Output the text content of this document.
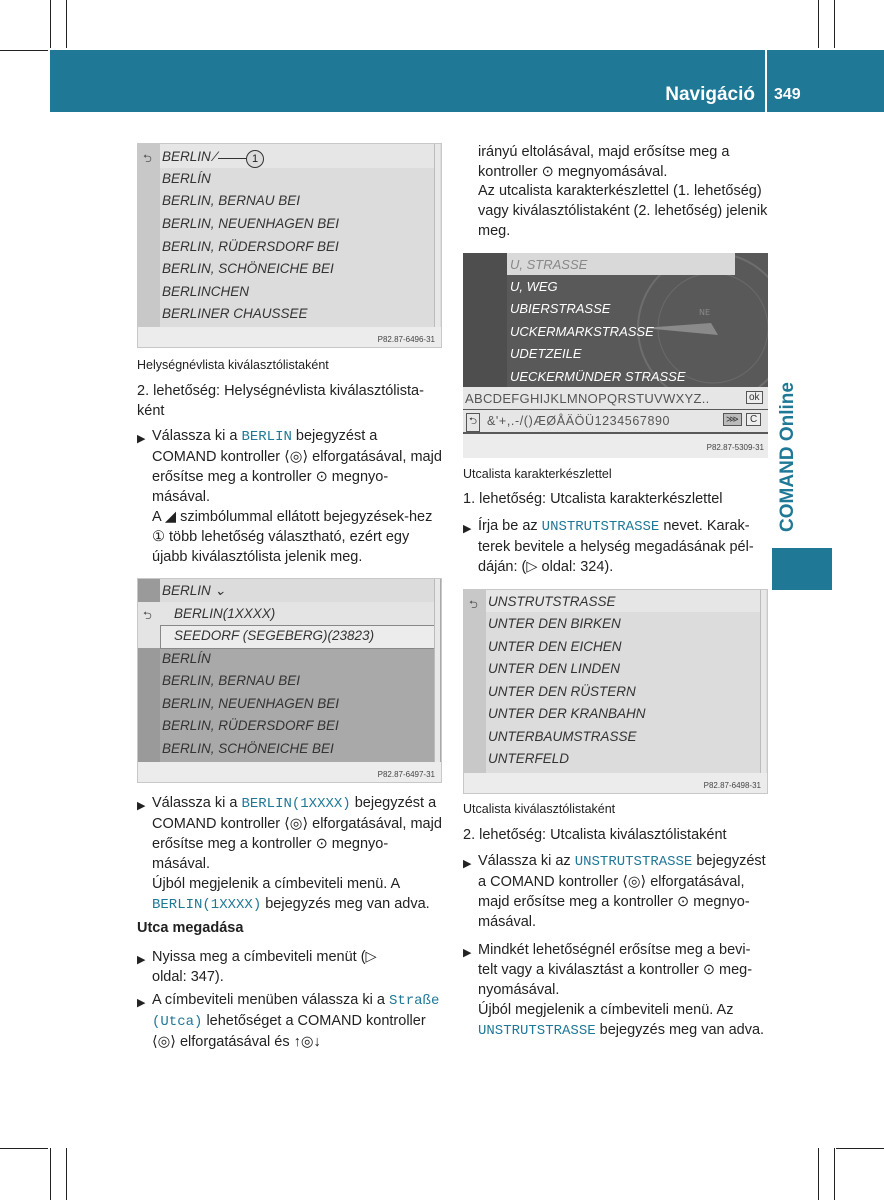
Navigáció 349
COMAND Online
⮌ BERLIN ⁄	1
BERLÍN
BERLIN, BERNAU BEI
BERLIN, NEUENHAGEN BEI
BERLIN, RÜDERSDORF BEI
BERLIN, SCHÖNEICHE BEI
BERLINCHEN
BERLINER CHAUSSEE
P82.87-6496-31
Helységnévlista kiválasztólistaként
2. lehetőség: Helységnévlista kiválasztólista-ként
▶ Válassza ki a BERLIN bejegyzést a COMAND kontroller ⟨◎⟩ elforgatásával, majd erősítse meg a kontroller ⊙ megnyo-másával.
A ◢ szimbólummal ellátott bejegyzések-hez ① több lehetőség választható, ezért egy újabb kiválasztólista jelenik meg.
⮌
BERLIN ⌄
BERLIN(1XXXX)
SEEDORF (SEGEBERG)(23823)
BERLÍN
BERLIN, BERNAU BEI
BERLIN, NEUENHAGEN BEI
BERLIN, RÜDERSDORF BEI
BERLIN, SCHÖNEICHE BEI
P82.87-6497-31
▶ Válassza ki a BERLIN(1XXXX) bejegyzést a COMAND kontroller ⟨◎⟩ elforgatásával, majd erősítse meg a kontroller ⊙ megnyo-másával.
Újból megjelenik a címbeviteli menü. A BERLIN(1XXXX) bejegyzés meg van adva.
Utca megadása
▶ Nyissa meg a címbeviteli menüt (▷ oldal: 347).
▶ A címbeviteli menüben válassza ki a Straße (Utca) lehetőséget a COMAND kontroller ⟨◎⟩ elforgatásával és ↑◎↓
irányú eltolásával, majd erősítse meg a kontroller ⊙ megnyomásával.
Az utcalista karakterkészlettel (1. lehetőség) vagy kiválasztólistaként (2. lehetőség) jelenik meg.
NE
U, STRASSE
U, WEG
UBIERSTRASSE
UCKERMARKSTRASSE
UDETZEILE
UECKERMÜNDER STRASSE
ABCDEFGHIJKLMNOPQRSTUVWXYZ..	ok
⮌ &'+,.-/()ÆØÅÄÖÜ1234567890	⋙	C
P82.87-5309-31
Utcalista karakterkészlettel
1. lehetőség: Utcalista karakterkészlettel
▶ Írja be az UNSTRUTSTRASSE nevet. Karak-terek bevitele a helység megadásának pél-dáján: (▷ oldal: 324).
⮌ UNSTRUTSTRASSE
UNTER DEN BIRKEN
UNTER DEN EICHEN
UNTER DEN LINDEN
UNTER DEN RÜSTERN
UNTER DER KRANBAHN
UNTERBAUMSTRASSE
UNTERFELD
P82.87-6498-31
Utcalista kiválasztólistaként
2. lehetőség: Utcalista kiválasztólistaként
▶ Válassza ki az UNSTRUTSTRASSE bejegyzést a COMAND kontroller ⟨◎⟩ elforgatásával, majd erősítse meg a kontroller ⊙ megnyo-másával.
▶ Mindkét lehetőségnél erősítse meg a bevi-telt vagy a kiválasztást a kontroller ⊙ meg-nyomásával.
Újból megjelenik a címbeviteli menü. Az UNSTRUTSTRASSE bejegyzés meg van adva.
